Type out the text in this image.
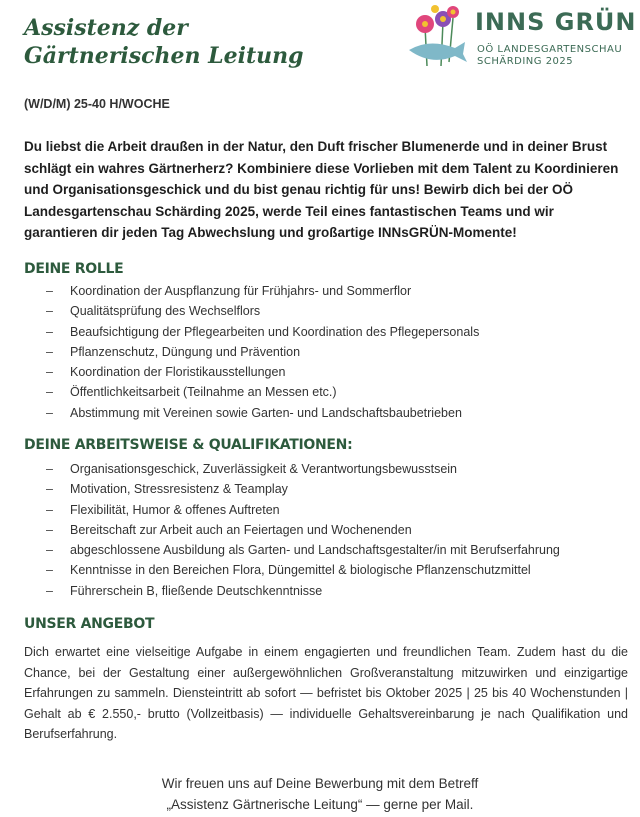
Assistenz der
Gärtnerischen Leitung
INNS GRÜN
OÖ LANDESGARTENSCHAU
SCHÄRDING 2025
(W/D/M) 25-40 H/WOCHE
Du liebst die Arbeit draußen in der Natur, den Duft frischer Blumenerde und in deiner Brust schlägt ein wahres Gärtnerherz? Kombiniere diese Vorlieben mit dem Talent zu Koordinieren und Organisationsgeschick und du bist genau richtig für uns! Bewirb dich bei der OÖ Landesgartenschau Schärding 2025, werde Teil eines fantastischen Teams und wir garantieren dir jeden Tag Abwechslung und großartige INNsGRÜN-Momente!
DEINE ROLLE
– Koordination der Auspflanzung für Frühjahrs- und Sommerflor
– Qualitätsprüfung des Wechselflors
– Beaufsichtigung der Pflegearbeiten und Koordination des Pflegepersonals
– Pflanzenschutz, Düngung und Prävention
– Koordination der Floristikausstellungen
– Öffentlichkeitsarbeit (Teilnahme an Messen etc.)
– Abstimmung mit Vereinen sowie Garten- und Landschaftsbaubetrieben
DEINE ARBEITSWEISE & QUALIFIKATIONEN:
– Organisationsgeschick, Zuverlässigkeit & Verantwortungsbewusstsein
– Motivation, Stressresistenz & Teamplay
– Flexibilität, Humor & offenes Auftreten
– Bereitschaft zur Arbeit auch an Feiertagen und Wochenenden
– abgeschlossene Ausbildung als Garten- und Landschaftsgestalter/in mit Berufserfahrung
– Kenntnisse in den Bereichen Flora, Düngemittel & biologische Pflanzenschutzmittel
– Führerschein B, fließende Deutschkenntnisse
UNSER ANGEBOT
Dich erwartet eine vielseitige Aufgabe in einem engagierten und freundlichen Team. Zudem hast du die Chance, bei der Gestaltung einer außergewöhnlichen Großveranstaltung mitzuwirken und einzigartige Erfahrungen zu sammeln. Diensteintritt ab sofort — befristet bis Oktober 2025 | 25 bis 40 Wochenstunden | Gehalt ab € 2.550,- brutto (Vollzeitbasis) — individuelle Gehaltsvereinbarung je nach Qualifikation und Berufserfahrung.
Wir freuen uns auf Deine Bewerbung mit dem Betreff
„Assistenz Gärtnerische Leitung“ — gerne per Mail.
